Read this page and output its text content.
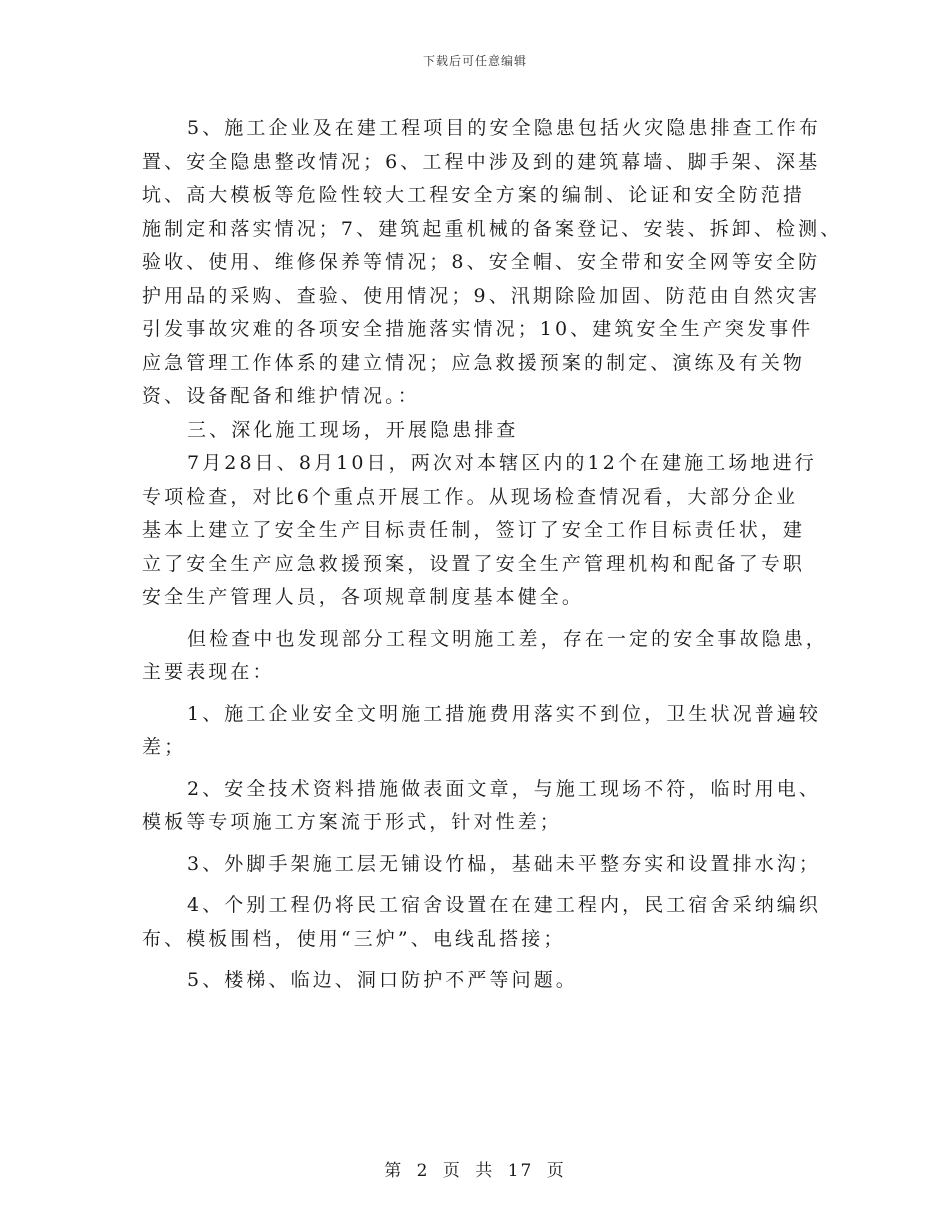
下载后可任意编辑
5、施工企业及在建工程项目的安全隐患包括火灾隐患排查工作布
置、安全隐患整改情况；6、工程中涉及到的建筑幕墙、脚手架、深基
坑、高大模板等危险性较大工程安全方案的编制、论证和安全防范措
施制定和落实情况；7、建筑起重机械的备案登记、安装、拆卸、检测、
验收、使用、维修保养等情况；8、安全帽、安全带和安全网等安全防
护用品的采购、查验、使用情况；9、汛期除险加固、防范由自然灾害
引发事故灾难的各项安全措施落实情况；10、建筑安全生产突发事件
应急管理工作体系的建立情况；应急救援预案的制定、演练及有关物
资、设备配备和维护情况。：
三、深化施工现场，开展隐患排查
7月28日、8月10日，两次对本辖区内的12个在建施工场地进行
专项检查，对比6个重点开展工作。从现场检查情况看，大部分企业
基本上建立了安全生产目标责任制，签订了安全工作目标责任状，建
立了安全生产应急救援预案，设置了安全生产管理机构和配备了专职
安全生产管理人员，各项规章制度基本健全。
但检查中也发现部分工程文明施工差，存在一定的安全事故隐患，
主要表现在：
1、施工企业安全文明施工措施费用落实不到位，卫生状况普遍较
差；
2、安全技术资料措施做表面文章，与施工现场不符，临时用电、
模板等专项施工方案流于形式，针对性差；
3、外脚手架施工层无铺设竹榀，基础未平整夯实和设置排水沟；
4、个别工程仍将民工宿舍设置在在建工程内，民工宿舍采纳编织
布、模板围档，使用“三炉”、电线乱搭接；
5、楼梯、临边、洞口防护不严等问题。
第 2 页 共 17 页
